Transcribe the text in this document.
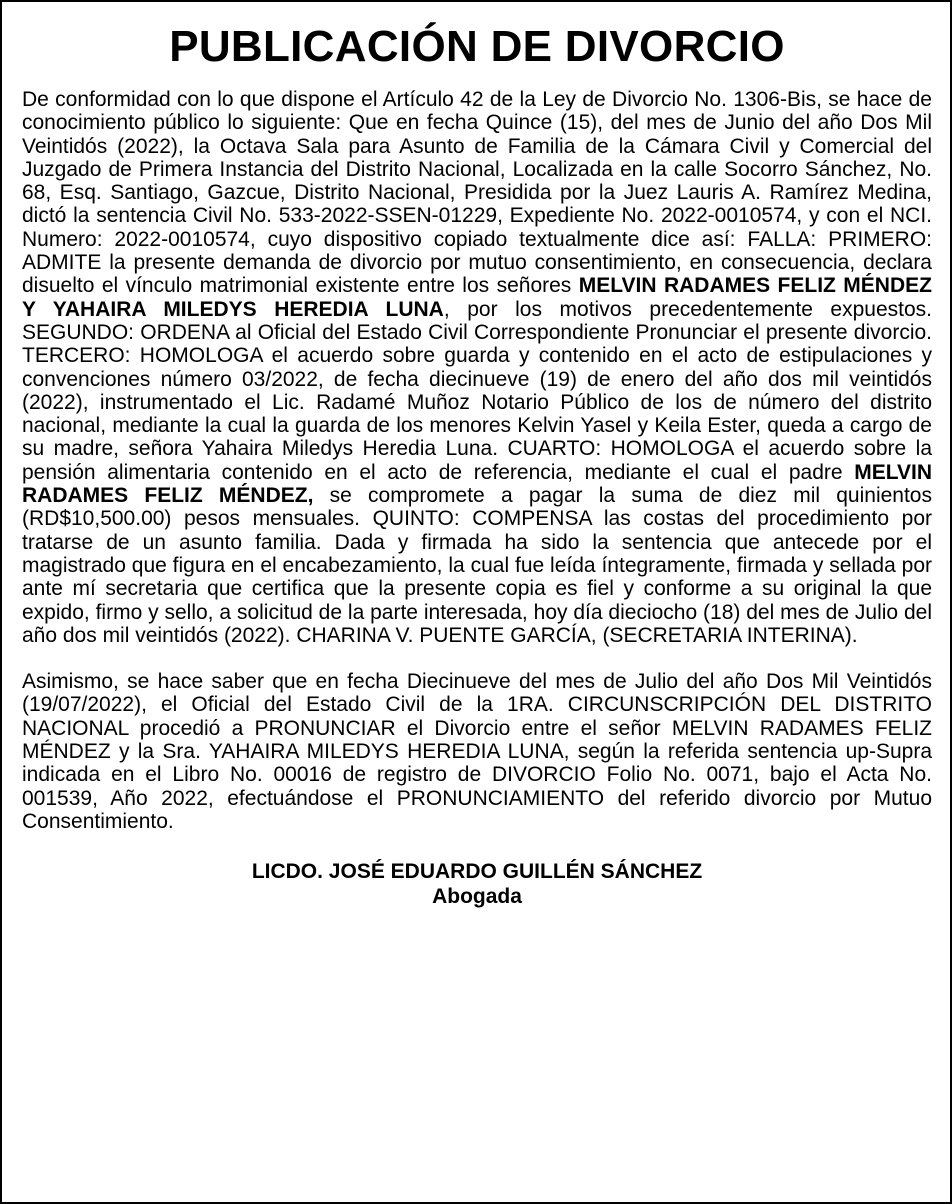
PUBLICACIÓN DE DIVORCIO

De conformidad con lo que dispone el Artículo 42 de la Ley de Divorcio No. 1306-Bis, se hace de conocimiento público lo siguiente: Que en fecha Quince (15), del mes de Junio del año Dos Mil Veintidós (2022), la Octava Sala para Asunto de Familia de la Cámara Civil y Comercial del Juzgado de Primera Instancia del Distrito Nacional, Localizada en la calle Socorro Sánchez, No. 68, Esq. Santiago, Gazcue, Distrito Nacional, Presidida por la Juez Lauris A. Ramírez Medina, dictó la sentencia Civil No. 533-2022-SSEN-01229, Expediente No. 2022-0010574, y con el NCI. Numero: 2022-0010574, cuyo dispositivo copiado textualmente dice así: FALLA: PRIMERO: ADMITE la presente demanda de divorcio por mutuo consentimiento, en consecuencia, declara disuelto el vínculo matrimonial existente entre los señores MELVIN RADAMES FELIZ MÉNDEZ Y YAHAIRA MILEDYS HEREDIA LUNA, por los motivos precedentemente expuestos. SEGUNDO: ORDENA al Oficial del Estado Civil Correspondiente Pronunciar el presente divorcio. TERCERO: HOMOLOGA el acuerdo sobre guarda y contenido en el acto de estipulaciones y convenciones número 03/2022, de fecha diecinueve (19) de enero del año dos mil veintidós (2022), instrumentado el Lic. Radamé Muñoz Notario Público de los de número del distrito nacional, mediante la cual la guarda de los menores Kelvin Yasel y Keila Ester, queda a cargo de su madre, señora Yahaira Miledys Heredia Luna. CUARTO: HOMOLOGA el acuerdo sobre la pensión alimentaria contenido en el acto de referencia, mediante el cual el padre MELVIN RADAMES FELIZ MÉNDEZ, se compromete a pagar la suma de diez mil quinientos (RD$10,500.00) pesos mensuales. QUINTO: COMPENSA las costas del procedimiento por tratarse de un asunto familia. Dada y firmada ha sido la sentencia que antecede por el magistrado que figura en el encabezamiento, la cual fue leída íntegramente, firmada y sellada por ante mí secretaria que certifica que la presente copia es fiel y conforme a su original la que expido, firmo y sello, a solicitud de la parte interesada, hoy día dieciocho (18) del mes de Julio del año dos mil veintidós (2022). CHARINA V. PUENTE GARCÍA, (SECRETARIA INTERINA).

Asimismo, se hace saber que en fecha Diecinueve del mes de Julio del año Dos Mil Veintidós (19/07/2022), el Oficial del Estado Civil de la 1RA. CIRCUNSCRIPCIÓN DEL DISTRITO NACIONAL procedió a PRONUNCIAR el Divorcio entre el señor MELVIN RADAMES FELIZ MÉNDEZ y la Sra. YAHAIRA MILEDYS HEREDIA LUNA, según la referida sentencia up-Supra indicada en el Libro No. 00016 de registro de DIVORCIO Folio No. 0071, bajo el Acta No. 001539, Año 2022, efectuándose el PRONUNCIAMIENTO del referido divorcio por Mutuo Consentimiento.

LICDO. JOSÉ EDUARDO GUILLÉN SÁNCHEZ
Abogada
